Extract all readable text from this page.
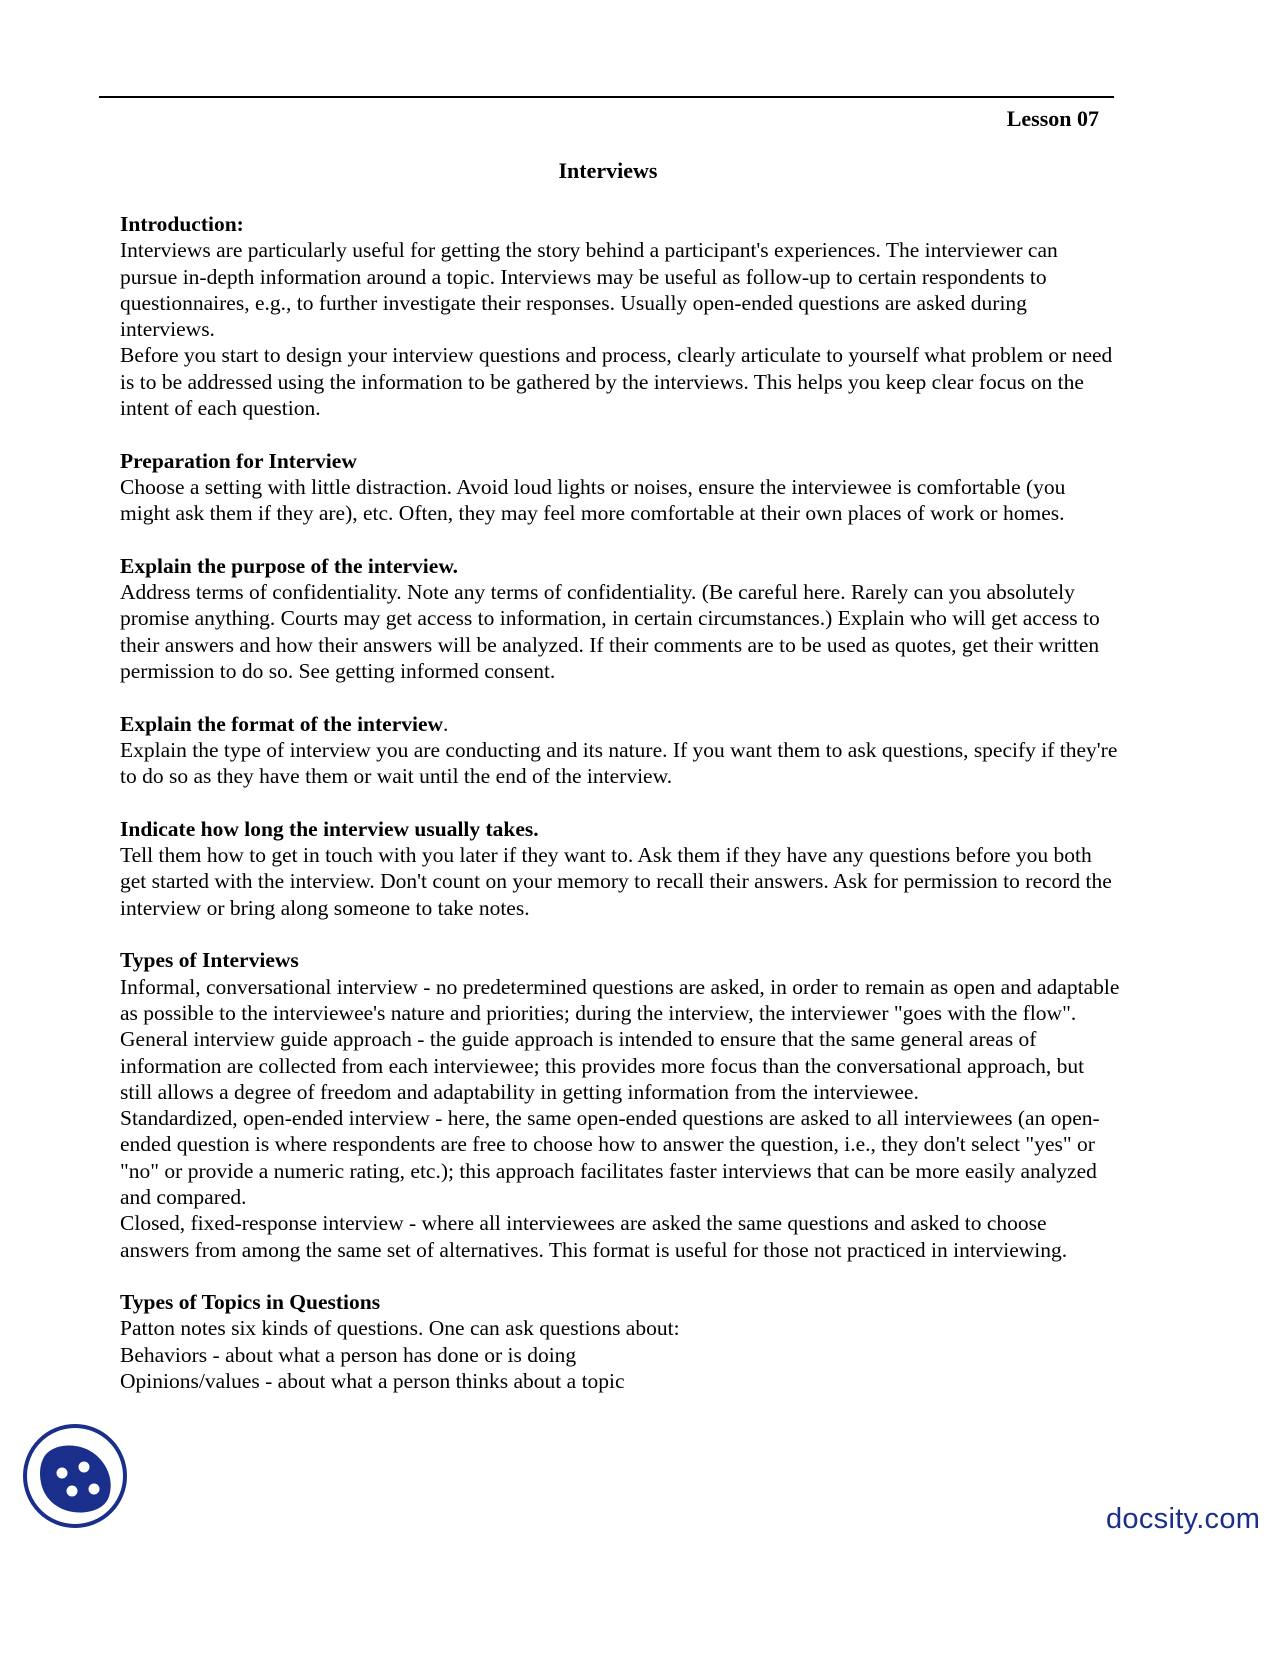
Lesson 07
Interviews
Introduction:
Interviews are particularly useful for getting the story behind a participant's experiences. The interviewer can pursue in-depth information around a topic. Interviews may be useful as follow-up to certain respondents to questionnaires, e.g., to further investigate their responses. Usually open-ended questions are asked during interviews.
Before you start to design your interview questions and process, clearly articulate to yourself what problem or need is to be addressed using the information to be gathered by the interviews. This helps you keep clear focus on the intent of each question.
Preparation for Interview
Choose a setting with little distraction. Avoid loud lights or noises, ensure the interviewee is comfortable (you might ask them if they are), etc. Often, they may feel more comfortable at their own places of work or homes.
Explain the purpose of the interview.
Address terms of confidentiality. Note any terms of confidentiality. (Be careful here. Rarely can you absolutely promise anything. Courts may get access to information, in certain circumstances.) Explain who will get access to their answers and how their answers will be analyzed. If their comments are to be used as quotes, get their written permission to do so. See getting informed consent.
Explain the format of the interview.
Explain the type of interview you are conducting and its nature. If you want them to ask questions, specify if they're to do so as they have them or wait until the end of the interview.
Indicate how long the interview usually takes.
Tell them how to get in touch with you later if they want to. Ask them if they have any questions before you both get started with the interview. Don't count on your memory to recall their answers. Ask for permission to record the interview or bring along someone to take notes.
Types of Interviews
Informal, conversational interview - no predetermined questions are asked, in order to remain as open and adaptable as possible to the interviewee's nature and priorities; during the interview, the interviewer "goes with the flow".
General interview guide approach - the guide approach is intended to ensure that the same general areas of information are collected from each interviewee; this provides more focus than the conversational approach, but still allows a degree of freedom and adaptability in getting information from the interviewee.
Standardized, open-ended interview - here, the same open-ended questions are asked to all interviewees (an open-ended question is where respondents are free to choose how to answer the question, i.e., they don't select "yes" or "no" or provide a numeric rating, etc.); this approach facilitates faster interviews that can be more easily analyzed and compared.
Closed, fixed-response interview - where all interviewees are asked the same questions and asked to choose answers from among the same set of alternatives. This format is useful for those not practiced in interviewing.
Types of Topics in Questions
Patton notes six kinds of questions. One can ask questions about:
Behaviors - about what a person has done or is doing
Opinions/values - about what a person thinks about a topic
docsity.com
